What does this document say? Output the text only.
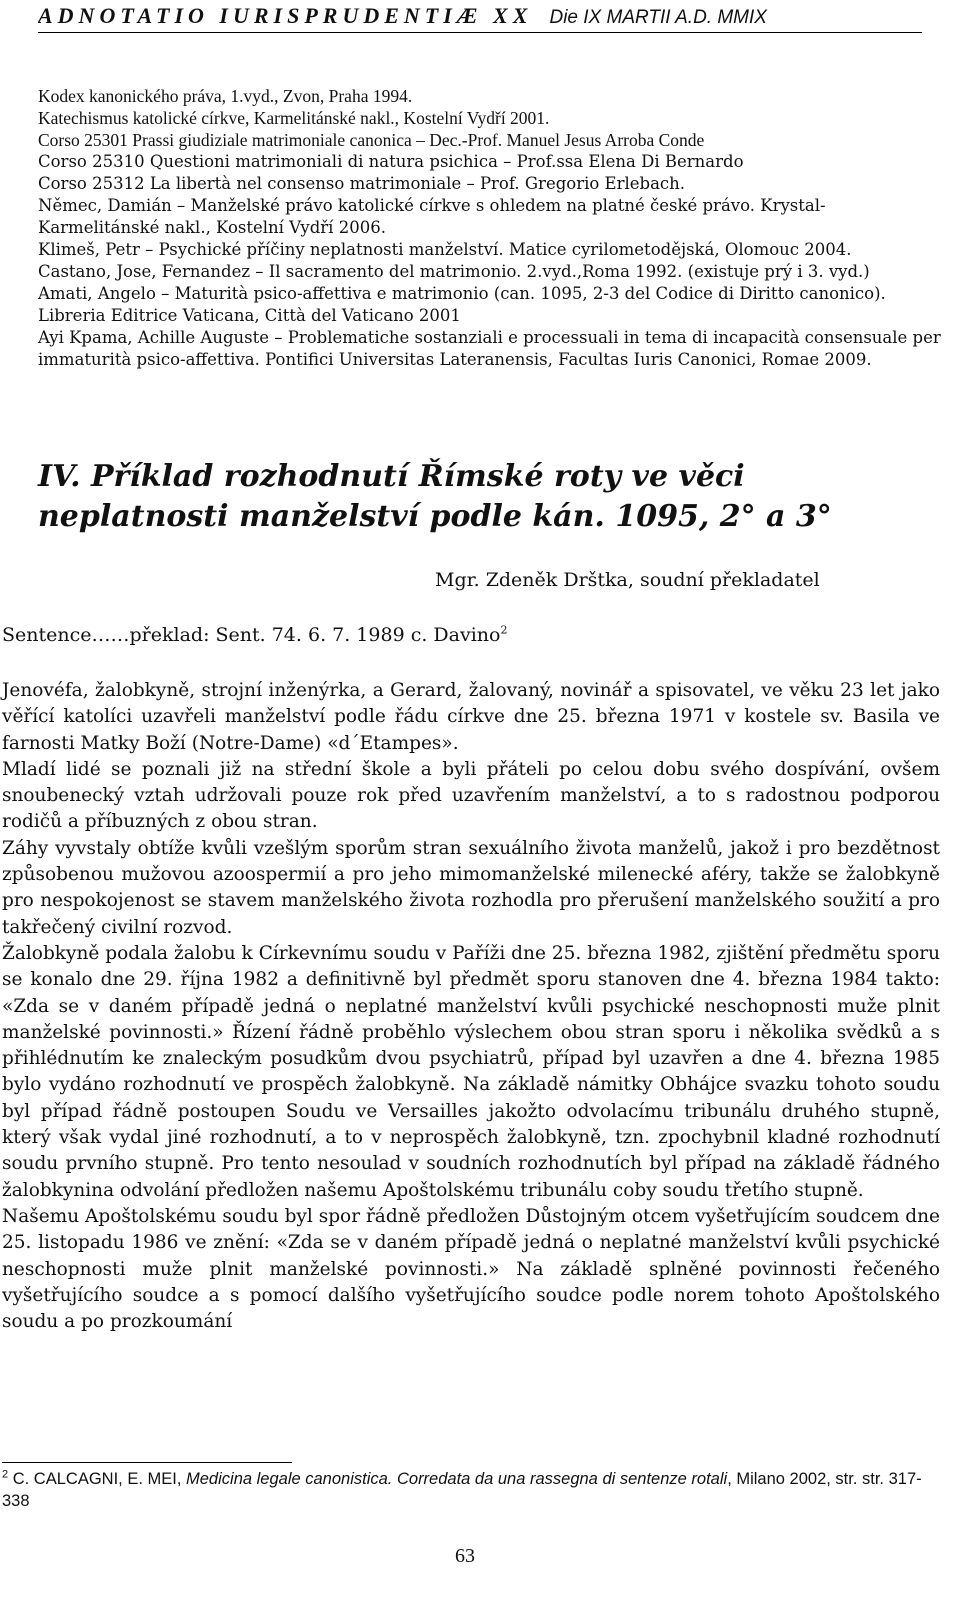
ADNOTATIO IURISPRUDENTIÆ XX Die IX MARTII A.D. MMIX

Kodex kanonického práva, 1.vyd., Zvon, Praha 1994.

Katechismus katolické církve, Karmelitánské nakl., Kostelní Vydří 2001.

Corso 25301 Prassi giudiziale matrimoniale canonica – Dec.-Prof. Manuel Jesus Arroba Conde

Corso 25310 Questioni matrimoniali di natura psichica – Prof.ssa Elena Di Bernardo

Corso 25312 La libertà nel consenso matrimoniale – Prof. Gregorio Erlebach.

Němec, Damián – Manželské právo katolické církve s ohledem na platné české právo. Krystal- Karmelitánské nakl., Kostelní Vydří 2006.

Klimeš, Petr – Psychické příčiny neplatnosti manželství. Matice cyrilometodějská, Olomouc 2004.

Castano, Jose, Fernandez – Il sacramento del matrimonio. 2.vyd.,Roma 1992. (existuje prý i 3. vyd.)

Amati, Angelo – Maturità psico-affettiva e matrimonio (can. 1095, 2-3 del Codice di Diritto canonico). Libreria Editrice Vaticana, Città del Vaticano 2001

Ayi Kpama, Achille Auguste – Problematiche sostanziali e processuali in tema di incapacità consensuale per immaturità psico-affettiva. Pontifici Universitas Lateranensis, Facultas Iuris Canonici, Romae 2009.

IV. Příklad rozhodnutí Římské roty ve věci neplatnosti manželství podle kán. 1095, 2° a 3°
Mgr. Zdeněk Drštka, soudní překladatel
Sentence……překlad: Sent. 74. 6. 7. 1989 c. Davino$^2$

Jenovéfa, žalobkyně, strojní inženýrka, a Gerard, žalovaný, novinář a spisovatel, ve věku 23 let jako věřící katolíci uzavřeli manželství podle řádu církve dne 25. března 1971 v kostele sv. Basila ve farnosti Matky Boží (Notre-Dame) «d´Etampes».

Mladí lidé se poznali již na střední škole a byli přáteli po celou dobu svého dospívání, ovšem snoubenecký vztah udržovali pouze rok před uzavřením manželství, a to s radostnou podporou rodičů a příbuzných z obou stran.

Záhy vyvstaly obtíže kvůli vzešlým sporům stran sexuálního života manželů, jakož i pro bezdětnost způsobenou mužovou azoospermií a pro jeho mimomanželské milenecké aféry, takže se žalobkyně pro nespokojenost se stavem manželského života rozhodla pro přerušení manželského soužití a pro takřečený civilní rozvod.

Žalobkyně podala žalobu k Církevnímu soudu v Paříži dne 25. března 1982, zjištění předmětu sporu se konalo dne 29. října 1982 a definitivně byl předmět sporu stanoven dne 4. března 1984 takto: «Zda se v daném případě jedná o neplatné manželství kvůli psychické neschopnosti muže plnit manželské povinnosti.» Řízení řádně proběhlo výslechem obou stran sporu i několika svědků a s přihlédnutím ke znaleckým posudkům dvou psychiatrů, případ byl uzavřen a dne 4. března 1985 bylo vydáno rozhodnutí ve prospěch žalobkyně. Na základě námitky Obhájce svazku tohoto soudu byl případ řádně postoupen Soudu ve Versailles jakožto odvolacímu tribunálu druhého stupně, který však vydal jiné rozhodnutí, a to v neprospěch žalobkyně, tzn. zpochybnil kladné rozhodnutí soudu prvního stupně. Pro tento nesoulad v soudních rozhodnutích byl případ na základě řádného žalobkynina odvolání předložen našemu Apoštolskému tribunálu coby soudu třetího stupně.

Našemu Apoštolskému soudu byl spor řádně předložen Důstojným otcem vyšetřujícím soudcem dne 25. listopadu 1986 ve znění: «Zda se v daném případě jedná o neplatné manželství kvůli psychické neschopnosti muže plnit manželské povinnosti.» Na základě splněné povinnosti řečeného vyšetřujícího soudce a s pomocí dalšího vyšetřujícího soudce podle norem tohoto Apoštolského soudu a po prozkoumání

$^2$ C. CALCAGNI, E. MEI, Medicina legale canonistica. Corredata da una rassegna di sentenze rotali, Milano 2002, str. str. 317-338

63
